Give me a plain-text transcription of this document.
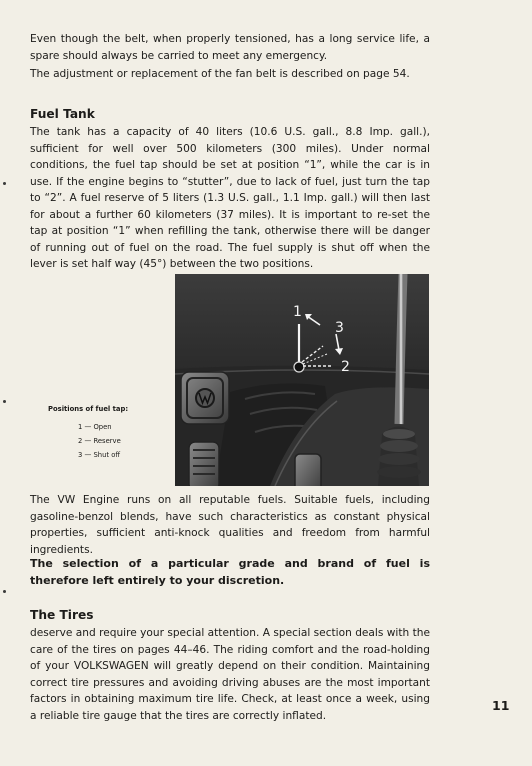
Even though the belt, when properly tensioned, has a long service life, a spare should always be carried to meet any emergency.

The adjustment or replacement of the fan belt is described on page 54.

Fuel Tank

The tank has a capacity of 40 liters (10.6 U.S. gall., 8.8 Imp. gall.), sufficient for well over 500 kilometers (300 miles). Under normal conditions, the fuel tap should be set at position “1”, while the car is in use. If the engine begins to “stutter”, due to lack of fuel, just turn the tap to “2”. A fuel reserve of 5 liters (1.3 U.S. gall., 1.1 Imp. gall.) will then last for about a further 60 kilometers (37 miles). It is important to re-set the tap at position “1” when refilling the tank, otherwise there will be danger of running out of fuel on the road. The fuel supply is shut off when the lever is set half way (45°) between the two positions.

1
3
2
Positions of fuel tap:
1 — Open
2 — Reserve
3 — Shut off

The VW Engine runs on all reputable fuels. Suitable fuels, including gasoline-benzol blends, have such characteristics as constant physical properties, sufficient anti-knock qualities and freedom from harmful ingredients.

The selection of a particular grade and brand of fuel is therefore left entirely to your discretion.

The Tires

deserve and require your special attention. A special section deals with the care of the tires on pages 44–46. The riding comfort and the road-holding of your VOLKSWAGEN will greatly depend on their condition. Maintaining correct tire pressures and avoiding driving abuses are the most important factors in obtaining maximum tire life. Check, at least once a week, using a reliable tire gauge that the tires are correctly inflated.

11
